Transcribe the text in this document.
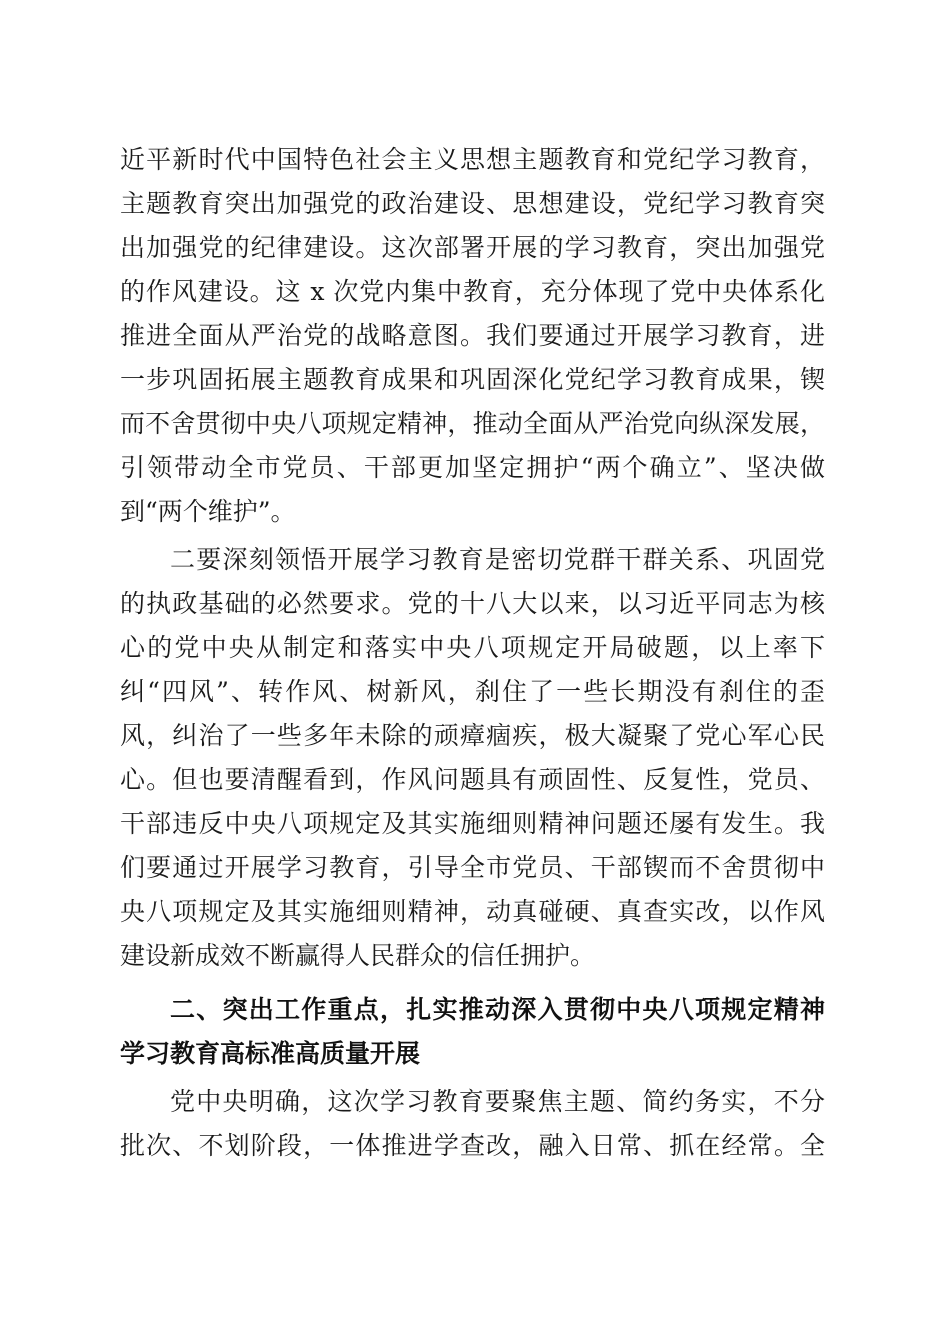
近平新时代中国特色社会主义思想主题教育和党纪学习教育，
主题教育突出加强党的政治建设、思想建设，党纪学习教育突
出加强党的纪律建设。这次部署开展的学习教育，突出加强党
的作风建设。这 x 次党内集中教育，充分体现了党中央体系化
推进全面从严治党的战略意图。我们要通过开展学习教育，进
一步巩固拓展主题教育成果和巩固深化党纪学习教育成果，锲
而不舍贯彻中央八项规定精神，推动全面从严治党向纵深发展，
引领带动全市党员、干部更加坚定拥护“两个确立”、坚决做
到“两个维护”。
二要深刻领悟开展学习教育是密切党群干群关系、巩固党
的执政基础的必然要求。党的十八大以来，以习近平同志为核
心的党中央从制定和落实中央八项规定开局破题，以上率下
纠“四风”、转作风、树新风，刹住了一些长期没有刹住的歪
风，纠治了一些多年未除的顽瘴痼疾，极大凝聚了党心军心民
心。但也要清醒看到，作风问题具有顽固性、反复性，党员、
干部违反中央八项规定及其实施细则精神问题还屡有发生。我
们要通过开展学习教育，引导全市党员、干部锲而不舍贯彻中
央八项规定及其实施细则精神，动真碰硬、真查实改，以作风
建设新成效不断赢得人民群众的信任拥护。
二、突出工作重点，扎实推动深入贯彻中央八项规定精神
学习教育高标准高质量开展
党中央明确，这次学习教育要聚焦主题、简约务实，不分
批次、不划阶段，一体推进学查改，融入日常、抓在经常。全
